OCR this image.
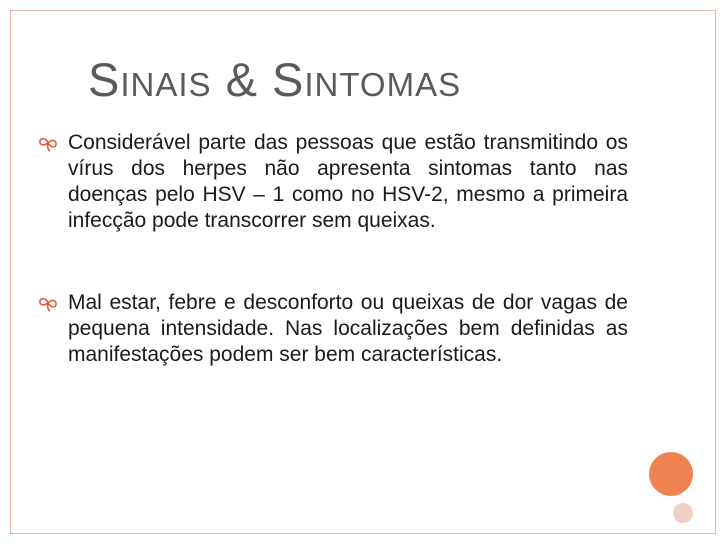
Sinais & Sintomas
Considerável parte das pessoas que estão transmitindo os vírus dos herpes não apresenta sintomas tanto nas doenças pelo HSV – 1 como no HSV-2, mesmo a primeira infecção pode transcorrer sem queixas.
Mal estar, febre e desconforto ou queixas de dor vagas de pequena intensidade. Nas localizações bem definidas as manifestações podem ser bem características.
